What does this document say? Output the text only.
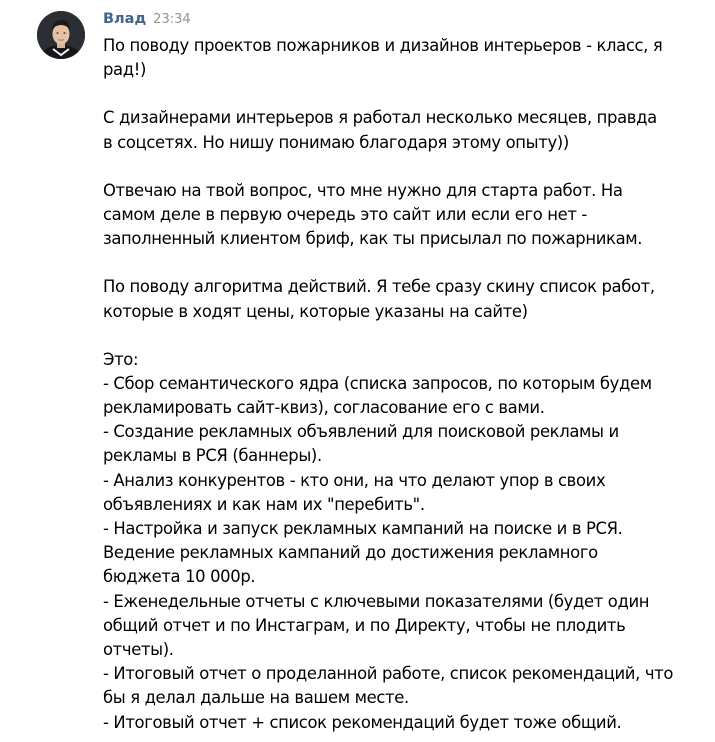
Влад 23:34
По поводу проектов пожарников и дизайнов интерьеров - класс, я
рад!)
С дизайнерами интерьеров я работал несколько месяцев, правда
в соцсетях. Но нишу понимаю благодаря этому опыту))
Отвечаю на твой вопрос, что мне нужно для старта работ. На
самом деле в первую очередь это сайт или если его нет -
заполненный клиентом бриф, как ты присылал по пожарникам.
По поводу алгоритма действий. Я тебе сразу скину список работ,
которые в ходят цены, которые указаны на сайте)
Это:
- Сбор семантического ядра (списка запросов, по которым будем
рекламировать сайт-квиз), согласование его с вами.
- Создание рекламных объявлений для поисковой рекламы и
рекламы в РСЯ (баннеры).
- Анализ конкурентов - кто они, на что делают упор в своих
объявлениях и как нам их "перебить".
- Настройка и запуск рекламных кампаний на поиске и в РСЯ.
Ведение рекламных кампаний до достижения рекламного
бюджета 10 000р.
- Еженедельные отчеты с ключевыми показателями (будет один
общий отчет и по Инстаграм, и по Директу, чтобы не плодить
отчеты).
- Итоговый отчет о проделанной работе, список рекомендаций, что
бы я делал дальше на вашем месте.
- Итоговый отчет + список рекомендаций будет тоже общий.
